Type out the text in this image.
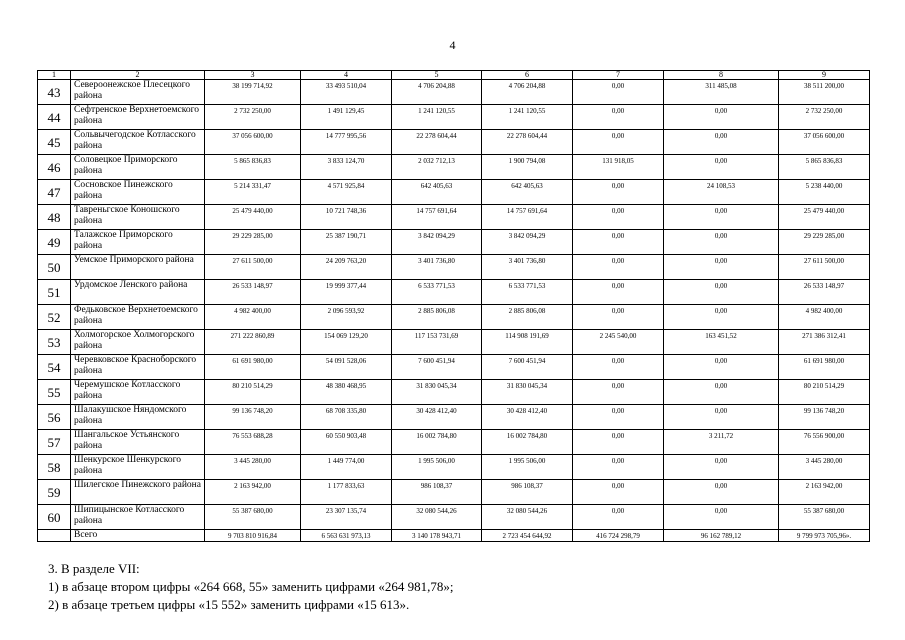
4
1	2	3	4	5	6	7	8	9
43	Североонежское Плесецкого района	38 199 714,92	33 493 510,04	4 706 204,88	4 706 204,88	0,00	311 485,08	38 511 200,00
44	Сефтренское Верхнетоемского района	2 732 250,00	1 491 129,45	1 241 120,55	1 241 120,55	0,00	0,00	2 732 250,00
45	Сольвычегодское Котласского района	37 056 600,00	14 777 995,56	22 278 604,44	22 278 604,44	0,00	0,00	37 056 600,00
46	Соловецкое Приморского района	5 865 836,83	3 833 124,70	2 032 712,13	1 900 794,08	131 918,05	0,00	5 865 836,83
47	Сосновское Пинежского района	5 214 331,47	4 571 925,84	642 405,63	642 405,63	0,00	24 108,53	5 238 440,00
48	Тавреньгское Коношского района	25 479 440,00	10 721 748,36	14 757 691,64	14 757 691,64	0,00	0,00	25 479 440,00
49	Талажское Приморского района	29 229 285,00	25 387 190,71	3 842 094,29	3 842 094,29	0,00	0,00	29 229 285,00
50	Уемское Приморского района	27 611 500,00	24 209 763,20	3 401 736,80	3 401 736,80	0,00	0,00	27 611 500,00
51	Урдомское Ленского района	26 533 148,97	19 999 377,44	6 533 771,53	6 533 771,53	0,00	0,00	26 533 148,97
52	Федьковское Верхнетоемского района	4 982 400,00	2 096 593,92	2 885 806,08	2 885 806,08	0,00	0,00	4 982 400,00
53	Холмогорское Холмогорского района	271 222 860,89	154 069 129,20	117 153 731,69	114 908 191,69	2 245 540,00	163 451,52	271 386 312,41
54	Черевковское Красноборского района	61 691 980,00	54 091 528,06	7 600 451,94	7 600 451,94	0,00	0,00	61 691 980,00
55	Черемушское Котласского района	80 210 514,29	48 380 468,95	31 830 045,34	31 830 045,34	0,00	0,00	80 210 514,29
56	Шалакушское Няндомского района	99 136 748,20	68 708 335,80	30 428 412,40	30 428 412,40	0,00	0,00	99 136 748,20
57	Шангальское Устьянского района	76 553 688,28	60 550 903,48	16 002 784,80	16 002 784,80	0,00	3 211,72	76 556 900,00
58	Шенкурское Шенкурского района	3 445 280,00	1 449 774,00	1 995 506,00	1 995 506,00	0,00	0,00	3 445 280,00
59	Шилегское Пинежского района	2 163 942,00	1 177 833,63	986 108,37	986 108,37	0,00	0,00	2 163 942,00
60	Шипицынское Котласского района	55 387 680,00	23 307 135,74	32 080 544,26	32 080 544,26	0,00	0,00	55 387 680,00
	Всего	9 703 810 916,84	6 563 631 973,13	3 140 178 943,71	2 723 454 644,92	416 724 298,79	96 162 789,12	9 799 973 705,96».
3. В разделе VII:
1) в абзаце втором цифры «264 668, 55» заменить цифрами «264 981,78»;
2) в абзаце третьем цифры «15 552» заменить цифрами «15 613».
